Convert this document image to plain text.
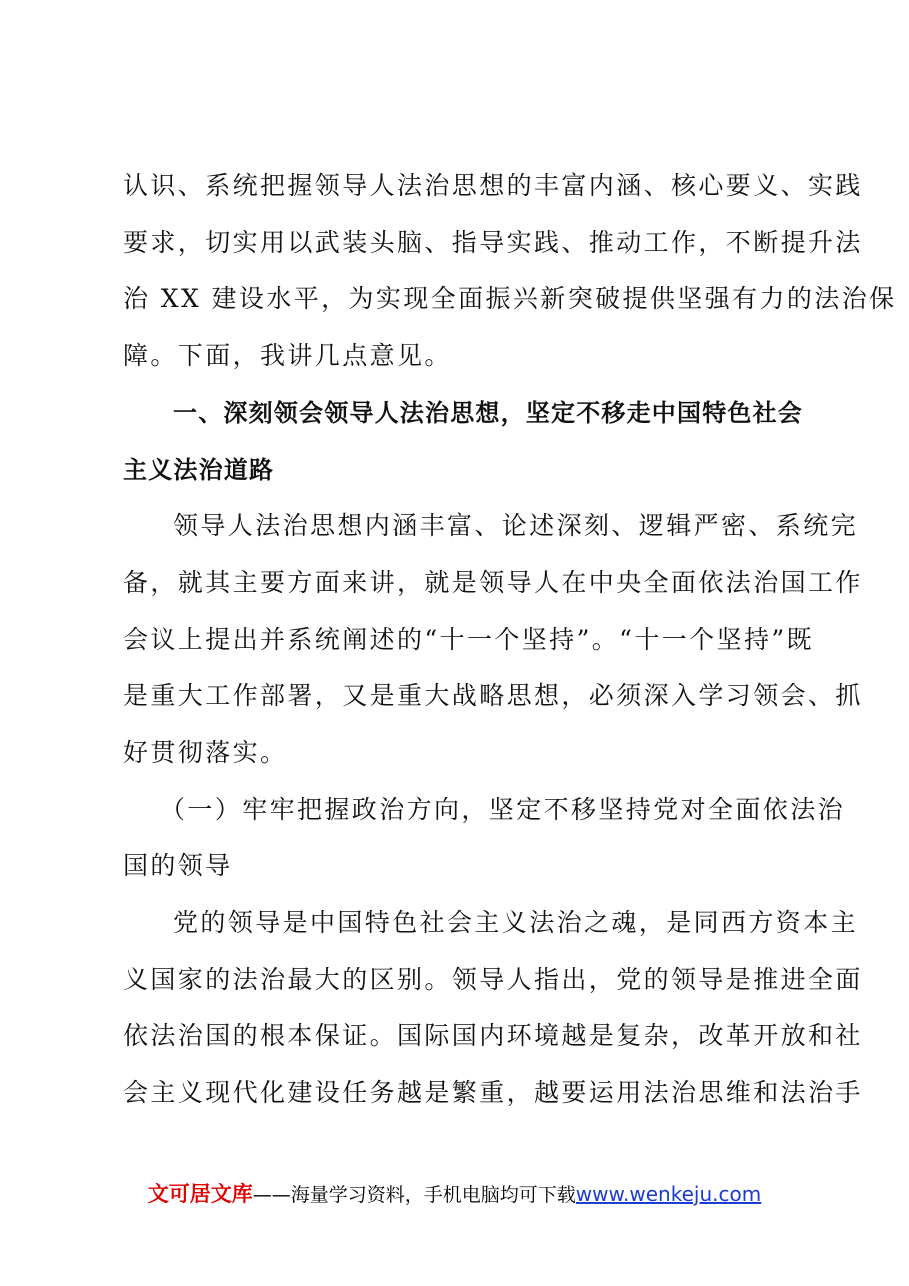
认识、系统把握领导人法治思想的丰富内涵、核心要义、实践
要求，切实用以武装头脑、指导实践、推动工作，不断提升法
治 XX 建设水平，为实现全面振兴新突破提供坚强有力的法治保
障。下面，我讲几点意见。
一、深刻领会领导人法治思想，坚定不移走中国特色社会
主义法治道路
领导人法治思想内涵丰富、论述深刻、逻辑严密、系统完
备，就其主要方面来讲，就是领导人在中央全面依法治国工作
会议上提出并系统阐述的“十一个坚持”。“十一个坚持”既
是重大工作部署，又是重大战略思想，必须深入学习领会、抓
好贯彻落实。
（一）牢牢把握政治方向，坚定不移坚持党对全面依法治
国的领导
党的领导是中国特色社会主义法治之魂，是同西方资本主
义国家的法治最大的区别。领导人指出，党的领导是推进全面
依法治国的根本保证。国际国内环境越是复杂，改革开放和社
会主义现代化建设任务越是繁重，越要运用法治思维和法治手
文可居文库——海量学习资料，手机电脑均可下载www.wenkeju.com
